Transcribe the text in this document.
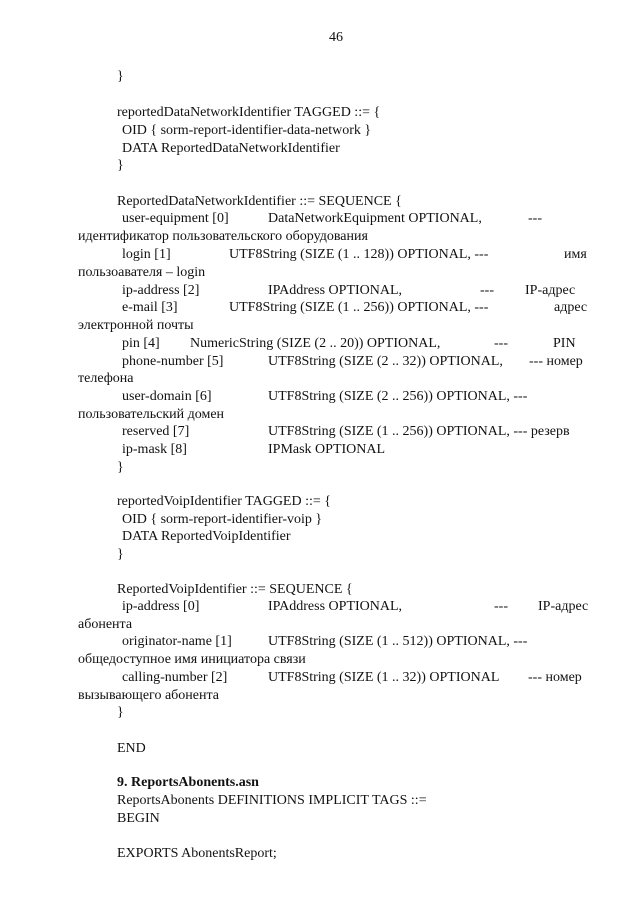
46
}
reportedDataNetworkIdentifier TAGGED ::= {
OID { sorm-report-identifier-data-network }
DATA ReportedDataNetworkIdentifier
}
ReportedDataNetworkIdentifier ::= SEQUENCE {
user-equipment [0]	DataNetworkEquipment OPTIONAL,	---
идентификатор пользовательского оборудования
login [1]	UTF8String (SIZE (1 .. 128)) OPTIONAL, ---	имя
пользоавателя – login
ip-address [2]	IPAddress OPTIONAL,	--- IP-адрес
e-mail [3]	UTF8String (SIZE (1 .. 256)) OPTIONAL, ---	адрес
электронной почты
pin [4] NumericString (SIZE (2 .. 20)) OPTIONAL,	---	PIN
phone-number [5]	UTF8String (SIZE (2 .. 32)) OPTIONAL, --- номер
телефона
user-domain [6]	UTF8String (SIZE (2 .. 256)) OPTIONAL, ---
пользовательский домен
reserved [7]	UTF8String (SIZE (1 .. 256)) OPTIONAL, --- резерв
ip-mask [8]	IPMask OPTIONAL
}
reportedVoipIdentifier TAGGED ::= {
OID { sorm-report-identifier-voip }
DATA ReportedVoipIdentifier
}
ReportedVoipIdentifier ::= SEQUENCE {
ip-address [0]	IPAddress OPTIONAL,	--- IP-адрес
абонента
originator-name [1]	UTF8String (SIZE (1 .. 512)) OPTIONAL, ---
общедоступное имя инициатора связи
calling-number [2]	UTF8String (SIZE (1 .. 32)) OPTIONAL --- номер
вызывающего абонента
}
END
9. ReportsAbonents.asn
ReportsAbonents DEFINITIONS IMPLICIT TAGS ::=
BEGIN
EXPORTS AbonentsReport;
